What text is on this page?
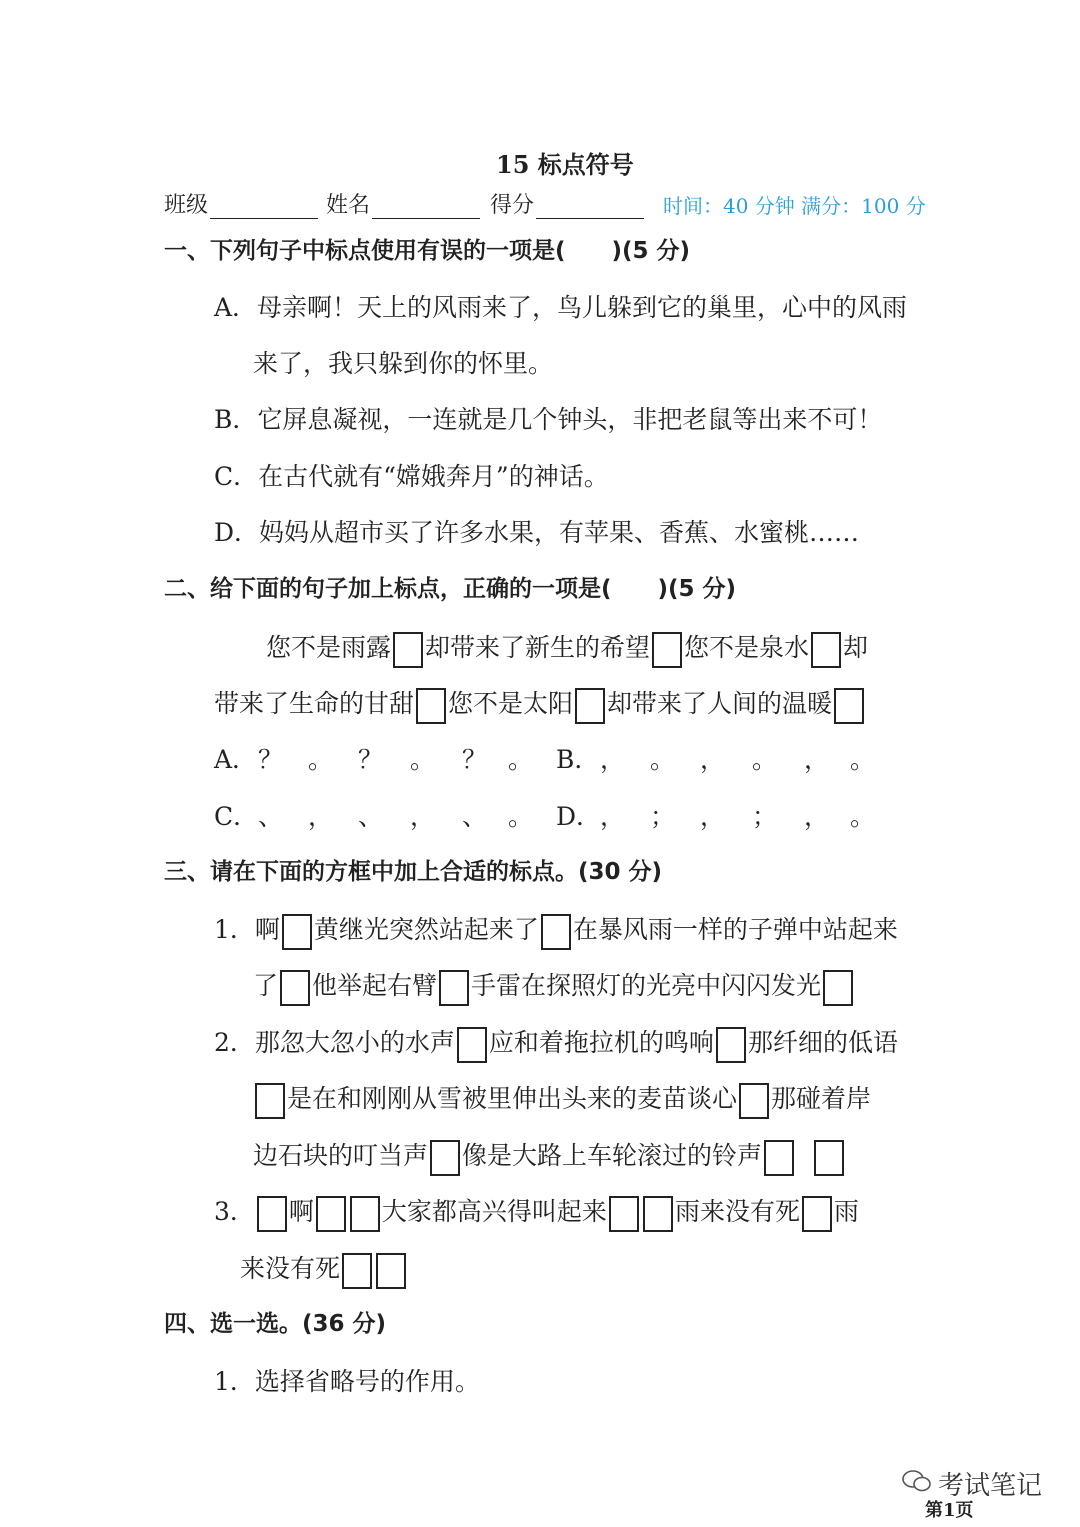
15 标点符号
班级	姓名	得分	时间：40 分钟 满分：100 分
一、下列句子中标点使用有误的一项是(　　)(5 分)
A．母亲啊！天上的风雨来了，鸟儿躲到它的巢里，心中的风雨
来了，我只躲到你的怀里。
B．它屏息凝视，一连就是几个钟头，非把老鼠等出来不可！
C．在古代就有“嫦娥奔月”的神话。
D．妈妈从超市买了许多水果，有苹果、香蕉、水蜜桃……
二、给下面的句子加上标点，正确的一项是(　　)(5 分)
您不是雨露 却带来了新生的希望 您不是泉水 却
带来了生命的甘甜 您不是太阳 却带来了人间的温暖
A．？ 。 ？ 。 ？ 。 B．， 。 ， 。 ， 。
C．、 ， 、 ， 、 。 D．， ； ， ； ， 。
三、请在下面的方框中加上合适的标点。(30 分)
1．啊 黄继光突然站起来了 在暴风雨一样的子弹中站起来
了 他举起右臂 手雷在探照灯的光亮中闪闪发光
2．那忽大忽小的水声 应和着拖拉机的鸣响 那纤细的低语
是在和刚刚从雪被里伸出头来的麦苗谈心 那碰着岸
边石块的叮当声 像是大路上车轮滚过的铃声
3． 啊	大家都高兴得叫起来	雨来没有死 雨
来没有死
四、选一选。(36 分)
1．选择省略号的作用。
第1页
考试笔记
